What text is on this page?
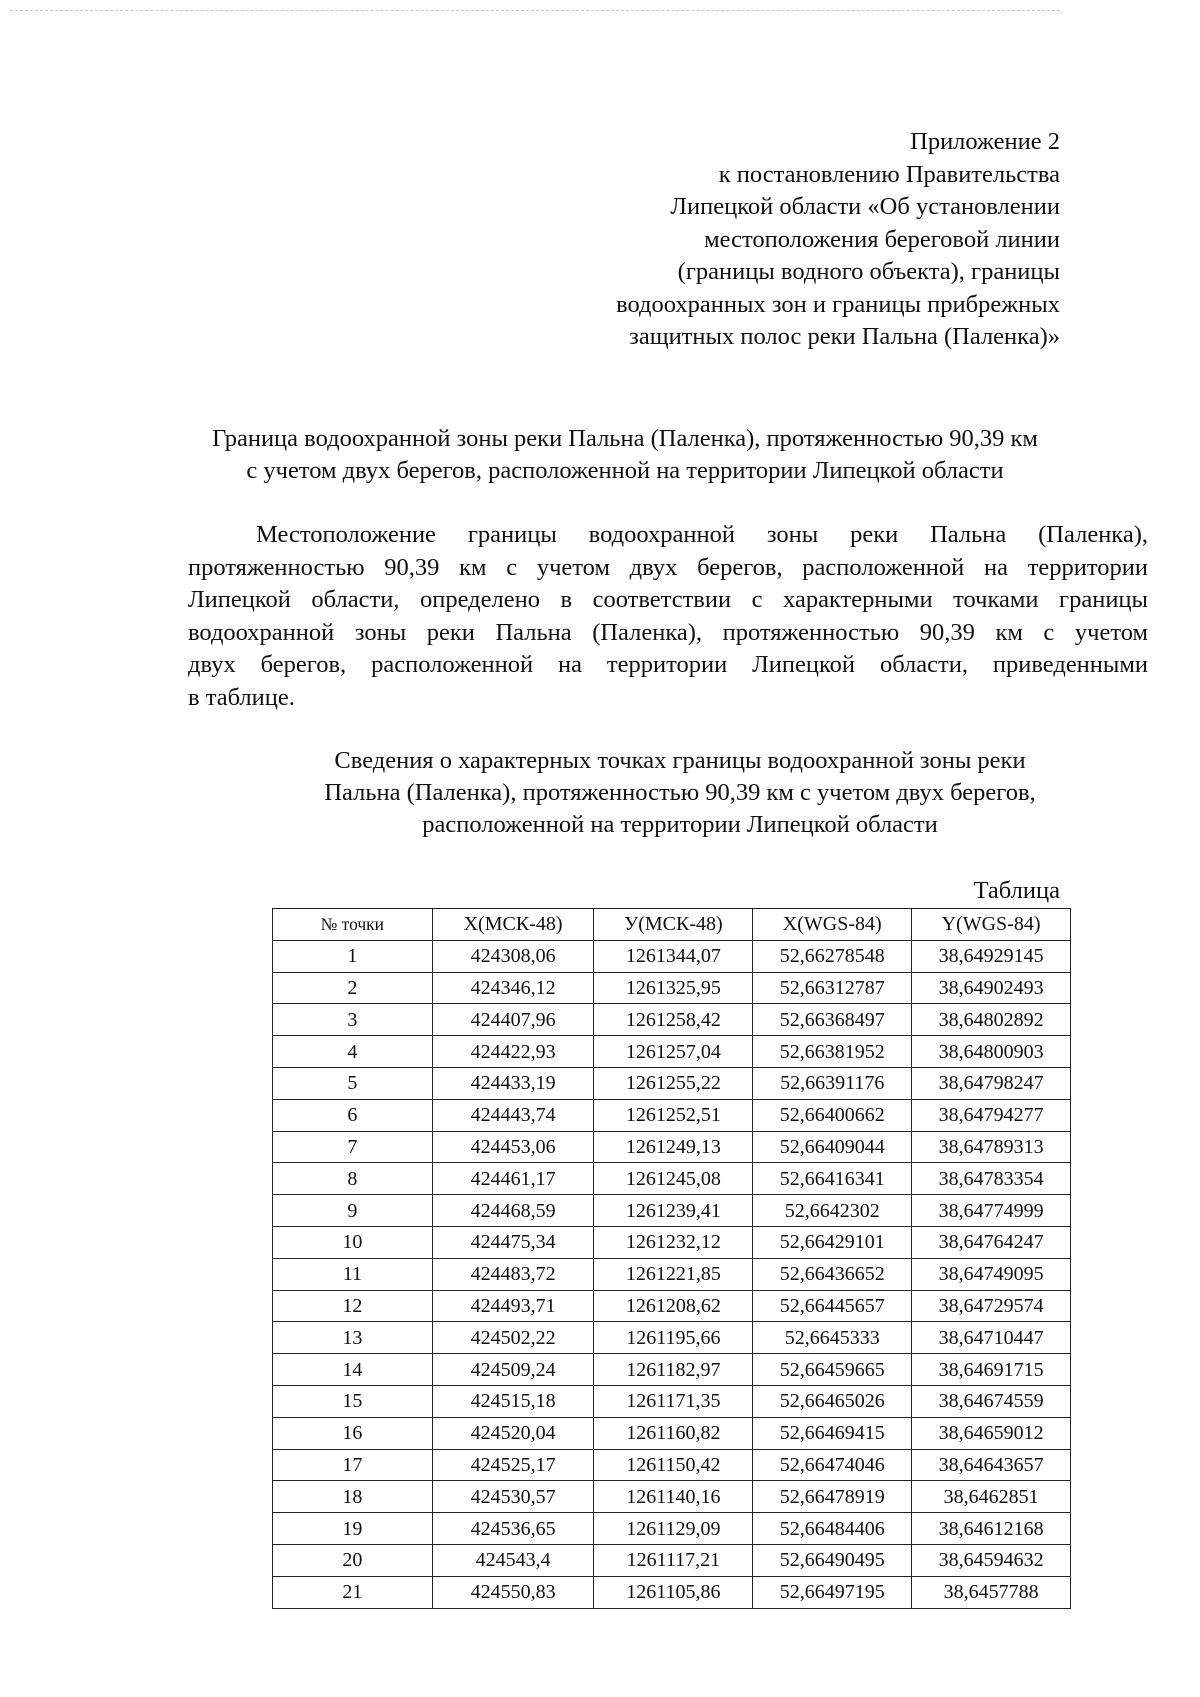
Приложение 2
к постановлению Правительства
Липецкой области «Об установлении
местоположения береговой линии
(границы водного объекта), границы
водоохранных зон и границы прибрежных
защитных полос реки Пальна (Паленка)»
Граница водоохранной зоны реки Пальна (Паленка), протяженностью 90,39 км
с учетом двух берегов, расположенной на территории Липецкой области
Местоположение границы водоохранной зоны реки Пальна (Паленка),
протяженностью 90,39 км с учетом двух берегов, расположенной на территории
Липецкой области, определено в соответствии с характерными точками границы
водоохранной зоны реки Пальна (Паленка), протяженностью 90,39 км с учетом
двух берегов, расположенной на территории Липецкой области, приведенными
в таблице.
Сведения о характерных точках границы водоохранной зоны реки
Пальна (Паленка), протяженностью 90,39 км с учетом двух берегов,
расположенной на территории Липецкой области
Таблица
№ точки	X(МСК-48)	У(МСК-48)	X(WGS-84)	Y(WGS-84)
1	424308,06	1261344,07	52,66278548	38,64929145
2	424346,12	1261325,95	52,66312787	38,64902493
3	424407,96	1261258,42	52,66368497	38,64802892
4	424422,93	1261257,04	52,66381952	38,64800903
5	424433,19	1261255,22	52,66391176	38,64798247
6	424443,74	1261252,51	52,66400662	38,64794277
7	424453,06	1261249,13	52,66409044	38,64789313
8	424461,17	1261245,08	52,66416341	38,64783354
9	424468,59	1261239,41	52,6642302	38,64774999
10	424475,34	1261232,12	52,66429101	38,64764247
11	424483,72	1261221,85	52,66436652	38,64749095
12	424493,71	1261208,62	52,66445657	38,64729574
13	424502,22	1261195,66	52,6645333	38,64710447
14	424509,24	1261182,97	52,66459665	38,64691715
15	424515,18	1261171,35	52,66465026	38,64674559
16	424520,04	1261160,82	52,66469415	38,64659012
17	424525,17	1261150,42	52,66474046	38,64643657
18	424530,57	1261140,16	52,66478919	38,6462851
19	424536,65	1261129,09	52,66484406	38,64612168
20	424543,4	1261117,21	52,66490495	38,64594632
21	424550,83	1261105,86	52,66497195	38,6457788
